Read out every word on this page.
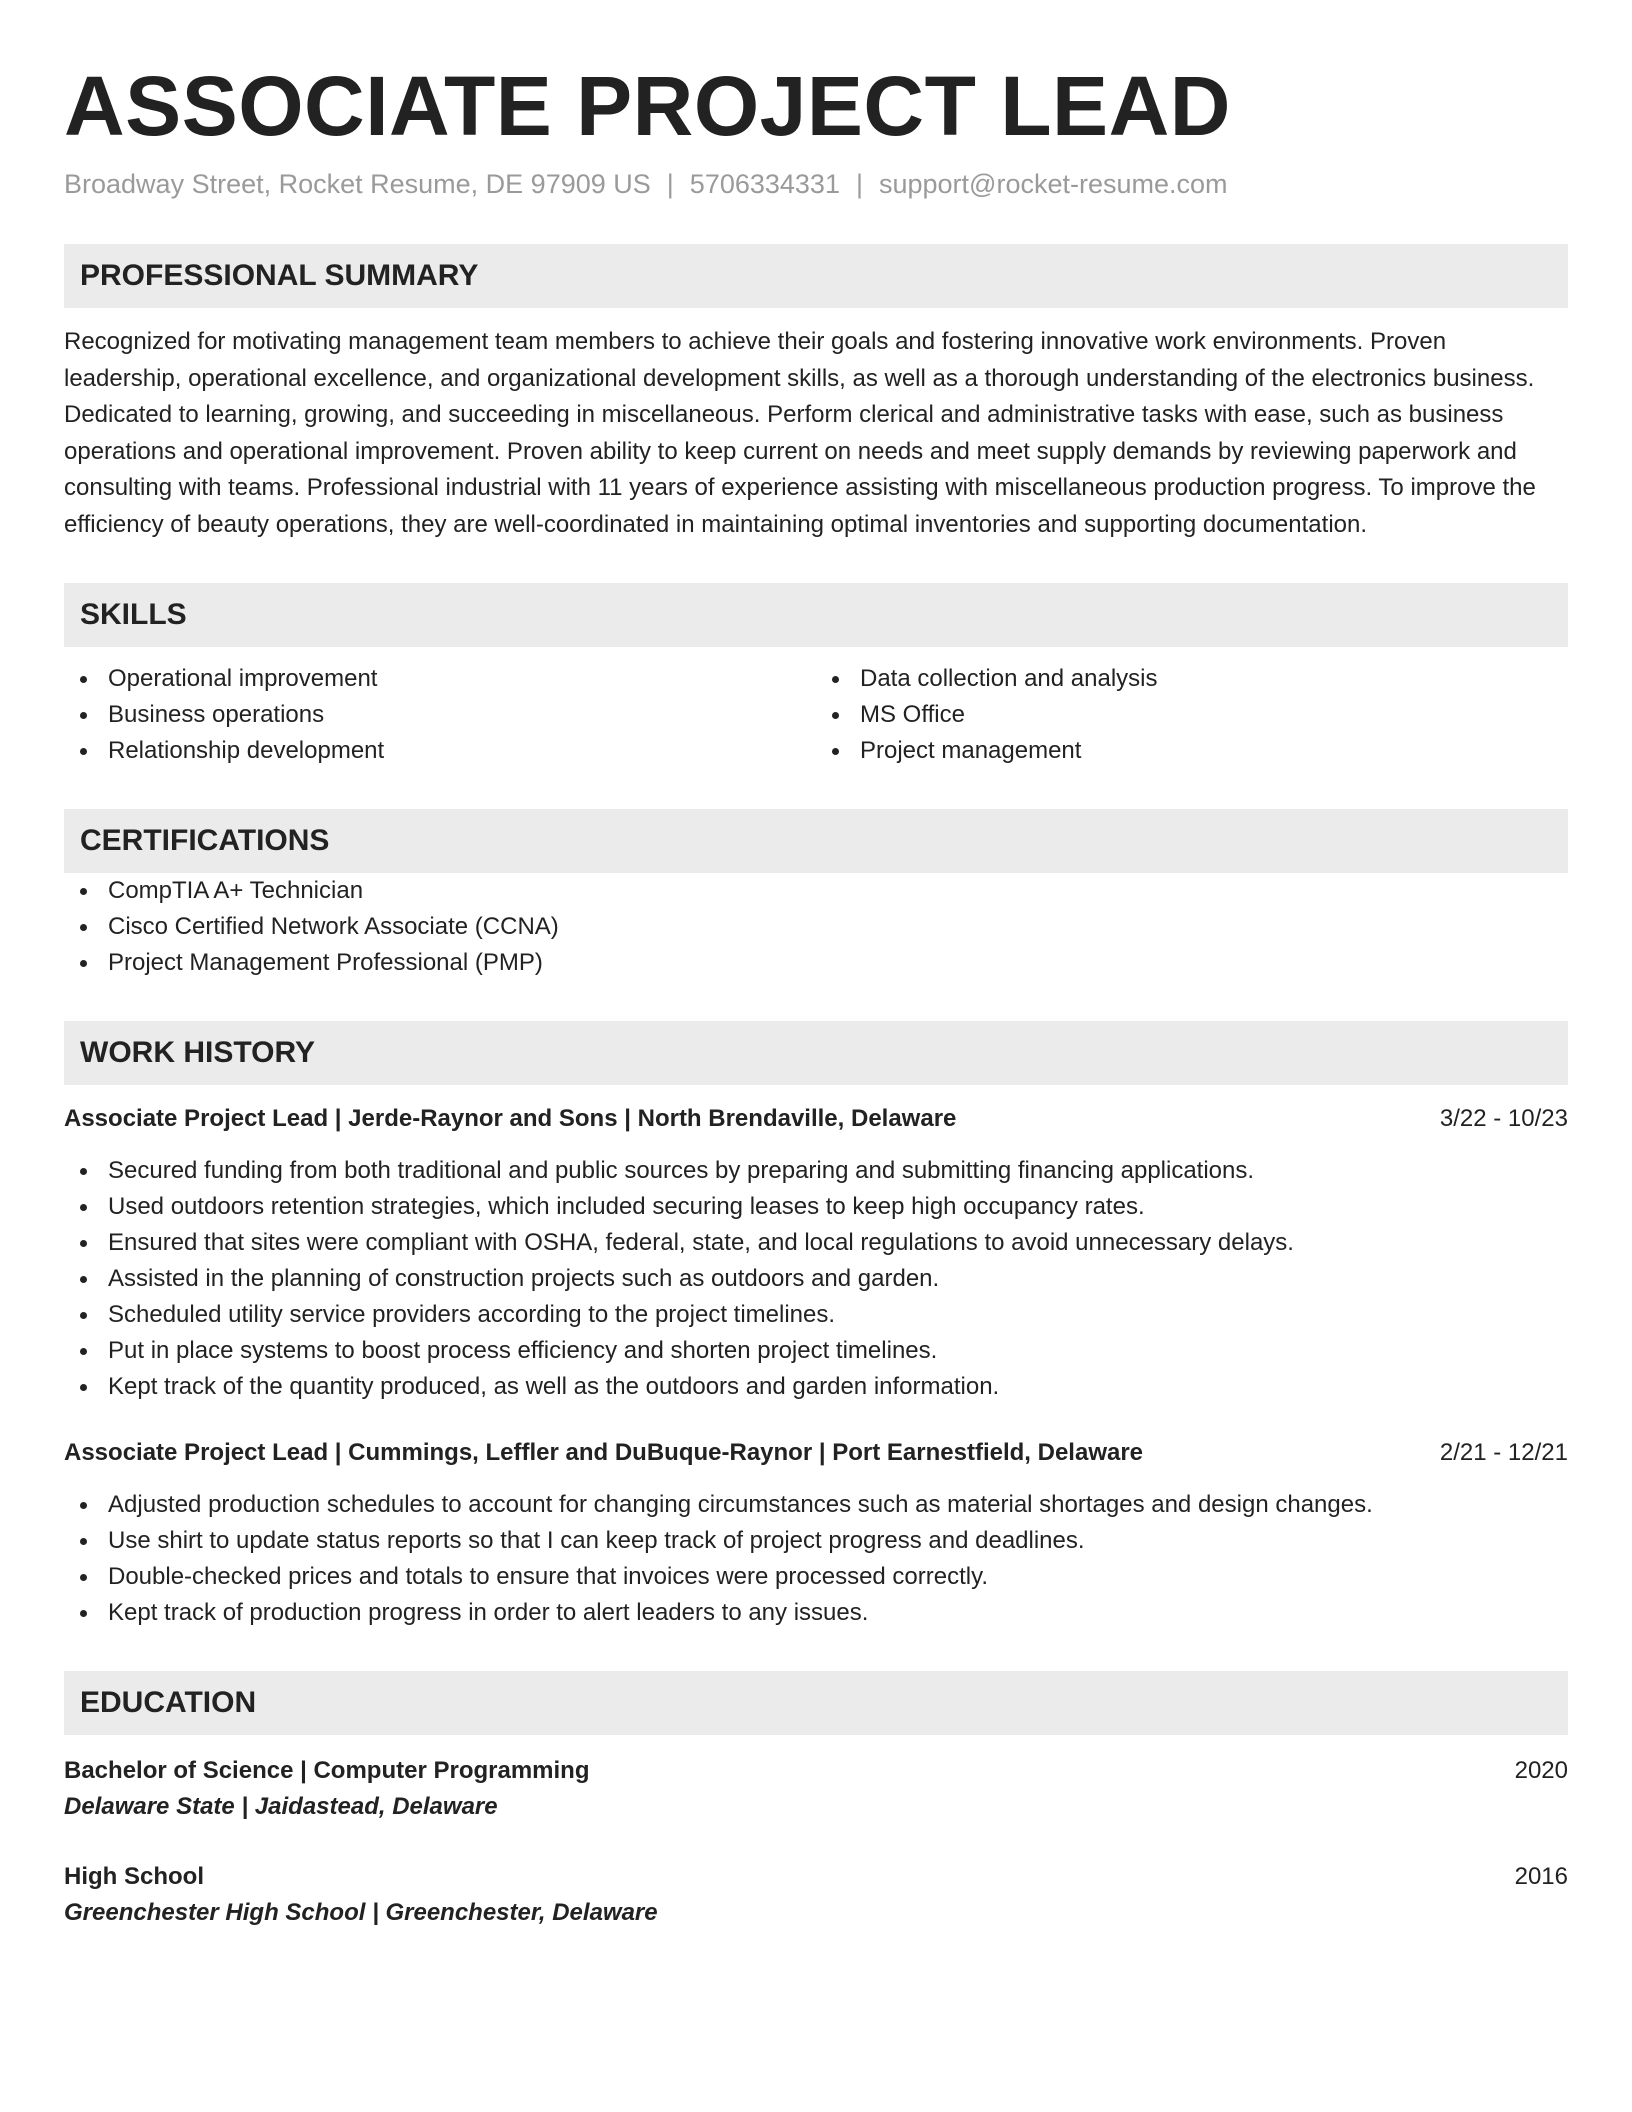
ASSOCIATE PROJECT LEAD
Broadway Street, Rocket Resume, DE 97909 US | 5706334331 | support@rocket-resume.com
PROFESSIONAL SUMMARY
Recognized for motivating management team members to achieve their goals and fostering innovative work environments. Proven leadership, operational excellence, and organizational development skills, as well as a thorough understanding of the electronics business. Dedicated to learning, growing, and succeeding in miscellaneous. Perform clerical and administrative tasks with ease, such as business operations and operational improvement. Proven ability to keep current on needs and meet supply demands by reviewing paperwork and consulting with teams. Professional industrial with 11 years of experience assisting with miscellaneous production progress. To improve the efficiency of beauty operations, they are well-coordinated in maintaining optimal inventories and supporting documentation.
SKILLS
Operational improvement
Business operations
Relationship development
Data collection and analysis
MS Office
Project management
CERTIFICATIONS
CompTIA A+ Technician
Cisco Certified Network Associate (CCNA)
Project Management Professional (PMP)
WORK HISTORY
Associate Project Lead | Jerde-Raynor and Sons | North Brendaville, Delaware	3/22 - 10/23
Secured funding from both traditional and public sources by preparing and submitting financing applications.
Used outdoors retention strategies, which included securing leases to keep high occupancy rates.
Ensured that sites were compliant with OSHA, federal, state, and local regulations to avoid unnecessary delays.
Assisted in the planning of construction projects such as outdoors and garden.
Scheduled utility service providers according to the project timelines.
Put in place systems to boost process efficiency and shorten project timelines.
Kept track of the quantity produced, as well as the outdoors and garden information.
Associate Project Lead | Cummings, Leffler and DuBuque-Raynor | Port Earnestfield, Delaware	2/21 - 12/21
Adjusted production schedules to account for changing circumstances such as material shortages and design changes.
Use shirt to update status reports so that I can keep track of project progress and deadlines.
Double-checked prices and totals to ensure that invoices were processed correctly.
Kept track of production progress in order to alert leaders to any issues.
EDUCATION
Bachelor of Science | Computer Programming	2020
Delaware State | Jaidastead, Delaware
High School	2016
Greenchester High School | Greenchester, Delaware
